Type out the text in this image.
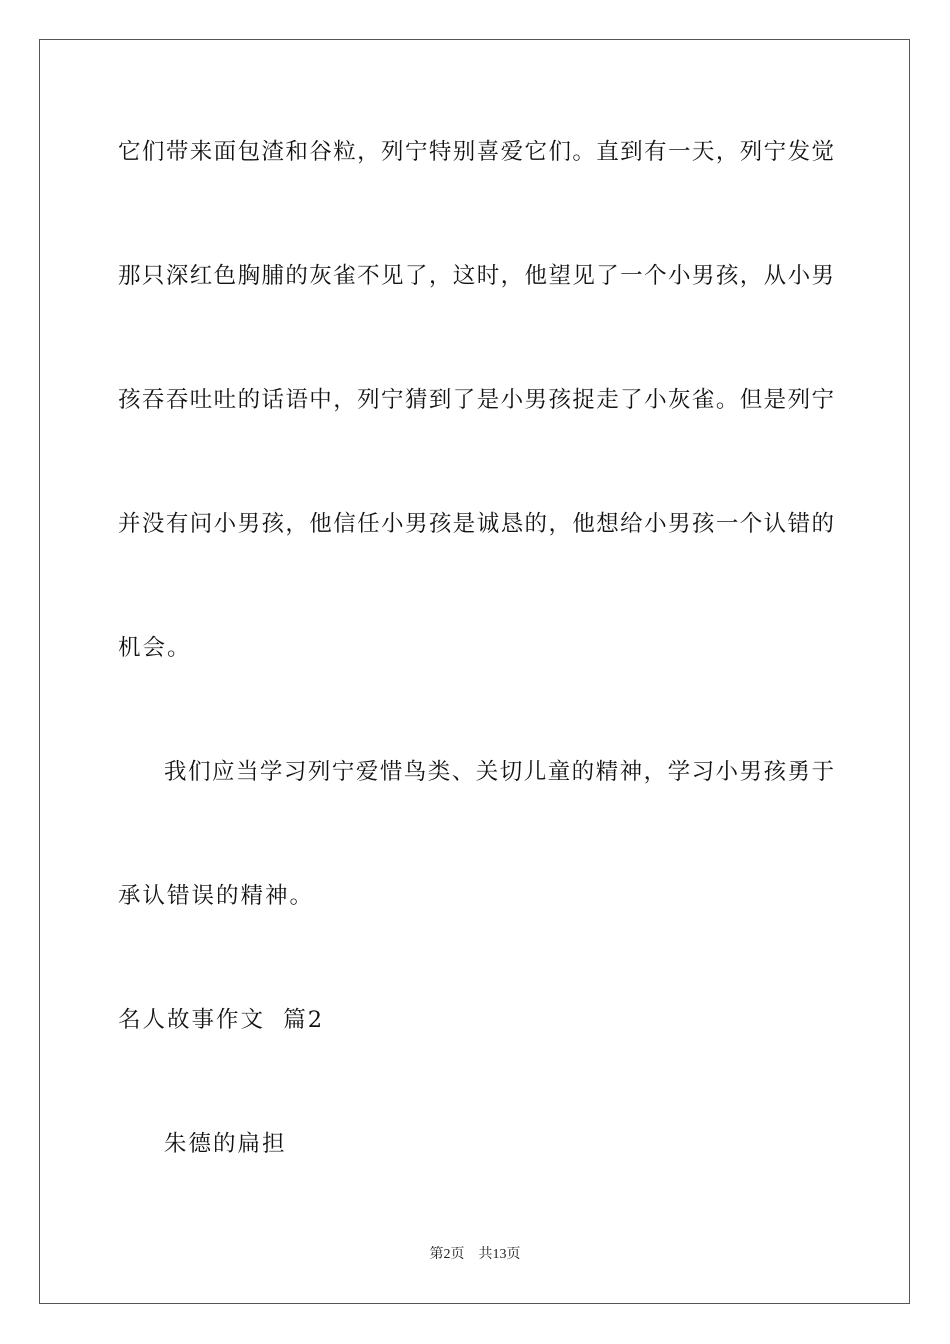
它们带来面包渣和谷粒，列宁特别喜爱它们。直到有一天，列宁发觉
那只深红色胸脯的灰雀不见了，这时，他望见了一个小男孩，从小男
孩吞吞吐吐的话语中，列宁猜到了是小男孩捉走了小灰雀。但是列宁
并没有问小男孩，他信任小男孩是诚恳的，他想给小男孩一个认错的
机会。
我们应当学习列宁爱惜鸟类、关切儿童的精神，学习小男孩勇于
承认错误的精神。
名人故事作文  篇2
朱德的扁担
第2页 共13页
